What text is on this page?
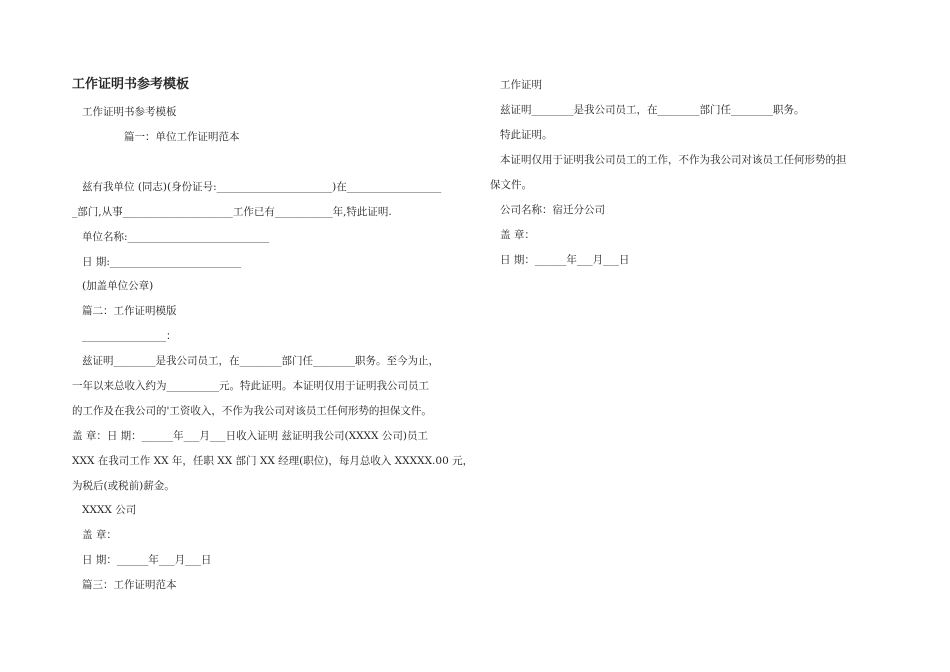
工作证明书参考模板
工作证明书参考模板
篇一：单位工作证明范本
兹有我单位 (同志)(身份证号:______________________)在__________________
_部门,从事_____________________工作已有___________年,特此证明.
单位名称:___________________________
日 期:_________________________
(加盖单位公章)
篇二：工作证明模版
________________：
兹证明________是我公司员工，在________部门任________职务。至今为止，
一年以来总收入约为__________元。特此证明。本证明仅用于证明我公司员工
的工作及在我公司的'工资收入，不作为我公司对该员工任何形势的担保文件。
盖 章：日 期：______年___月___日收入证明 兹证明我公司(XXXX 公司)员工
XXX 在我司工作 XX 年，任职 XX 部门 XX 经理(职位)，每月总收入 XXXXX.00 元，
为税后(或税前)薪金。
XXXX 公司
盖 章：
日 期：______年___月___日
篇三：工作证明范本
工作证明
兹证明________是我公司员工，在________部门任________职务。
特此证明。
本证明仅用于证明我公司员工的工作，不作为我公司对该员工任何形势的担
保文件。
公司名称：宿迁分公司
盖 章：
日 期：______年___月___日
